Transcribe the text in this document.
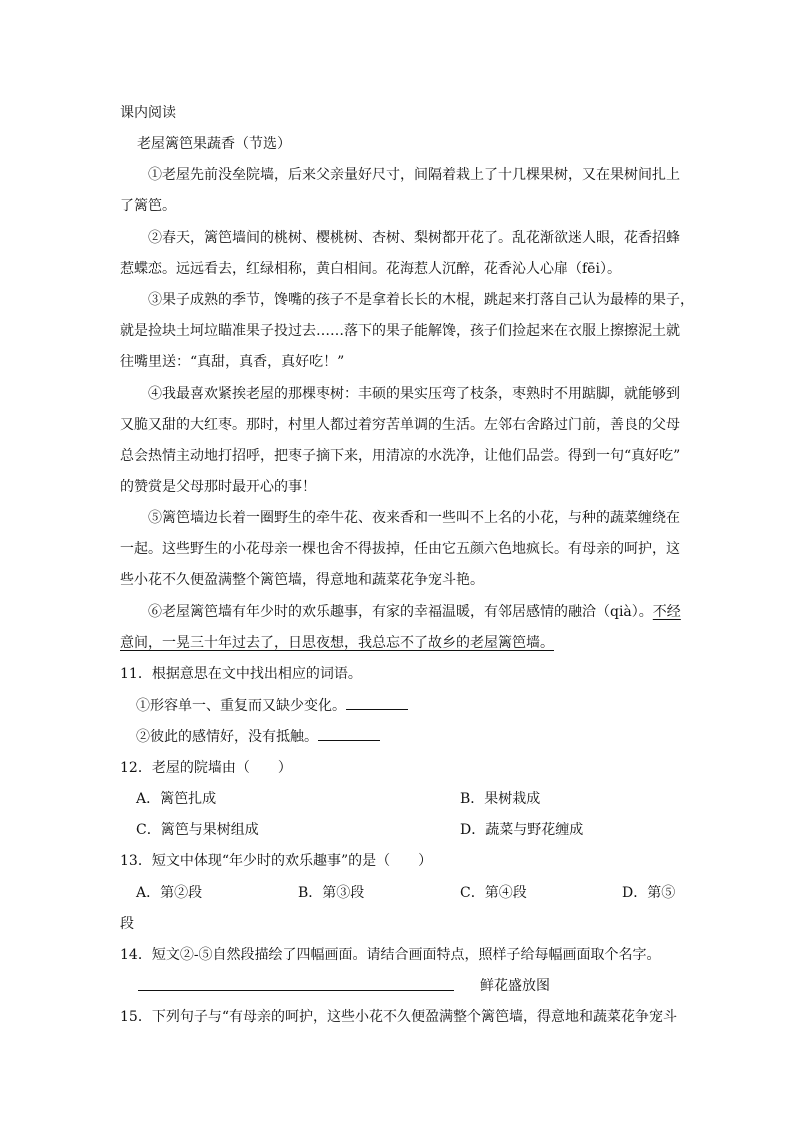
课内阅读
老屋篱笆果蔬香（节选）
①老屋先前没垒院墙，后来父亲量好尺寸，间隔着栽上了十几棵果树，又在果树间扎上
了篱笆。
②春天，篱笆墙间的桃树、樱桃树、杏树、梨树都开花了。乱花渐欲迷人眼，花香招蜂
惹蝶恋。远远看去，红绿相称，黄白相间。花海惹人沉醉，花香沁人心扉（fēi）。
③果子成熟的季节，馋嘴的孩子不是拿着长长的木棍，跳起来打落自己认为最棒的果子，
就是捡块土坷垃瞄准果子投过去……落下的果子能解馋，孩子们捡起来在衣服上擦擦泥土就
往嘴里送：“真甜，真香，真好吃！”
④我最喜欢紧挨老屋的那棵枣树：丰硕的果实压弯了枝条，枣熟时不用踮脚，就能够到
又脆又甜的大红枣。那时，村里人都过着穷苦单调的生活。左邻右舍路过门前，善良的父母
总会热情主动地打招呼，把枣子摘下来，用清凉的水洗净，让他们品尝。得到一句“真好吃”
的赞赏是父母那时最开心的事！
⑤篱笆墙边长着一圈野生的牵牛花、夜来香和一些叫不上名的小花，与种的蔬菜缠绕在
一起。这些野生的小花母亲一棵也舍不得拔掉，任由它五颜六色地疯长。有母亲的呵护，这
些小花不久便盈满整个篱笆墙，得意地和蔬菜花争宠斗艳。
⑥老屋篱笆墙有年少时的欢乐趣事，有家的幸福温暖，有邻居感情的融洽（qià）。不经
意间，一晃三十年过去了，日思夜想，我总忘不了故乡的老屋篱笆墙。
11．根据意思在文中找出相应的词语。
①形容单一、重复而又缺少变化。
②彼此的感情好，没有抵触。
12．老屋的院墙由（　　）
A．篱笆扎成	B．果树栽成
C．篱笆与果树组成	D．蔬菜与野花缠成
13．短文中体现“年少时的欢乐趣事”的是（　　）
A．第②段	B．第③段	C．第④段	D．第⑤
段
14．短文②-⑤自然段描绘了四幅画面。请结合画面特点，照样子给每幅画面取个名字。
鲜花盛放图
15．下列句子与“有母亲的呵护，这些小花不久便盈满整个篱笆墙，得意地和蔬菜花争宠斗
